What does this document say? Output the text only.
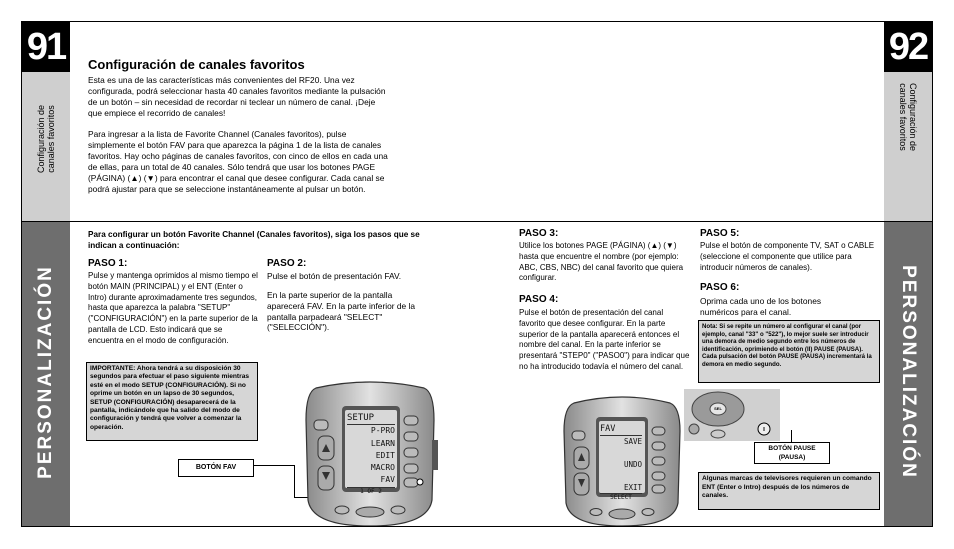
91
Configuración de canales favoritos
PERSONALIZACIÓN
92
Configuración de
canales favoritos
PERSONALIZACIÓN
Configuración de canales favoritos
Esta es una de las características más convenientes del RF20. Una vez configurada, podrá seleccionar hasta 40 canales favoritos mediante la pulsación de un botón – sin necesidad de recordar ni teclear un número de canal. ¡Deje que empiece el recorrido de canales!
Para ingresar a la lista de Favorite Channel (Canales favoritos), pulse simplemente el botón FAV para que aparezca la página 1 de la lista de canales favoritos. Hay ocho páginas de canales favoritos, con cinco de ellos en cada una de ellas, para un total de 40 canales. Sólo tendrá que usar los botones PAGE (PÁGINA) (▲) (▼) para encontrar el canal que desee configurar. Cada canal se podrá ajustar para que se seleccione instantáneamente al pulsar un botón.
Para configurar un botón Favorite Channel (Canales favoritos), siga los pasos que se indican a continuación:
PASO 1:
Pulse y mantenga oprimidos al mismo tiempo el botón MAIN (PRINCIPAL) y el ENT (Enter o Intro) durante aproximadamente tres segundos, hasta que aparezca la palabra "SETUP" ("CONFIGURACIÓN") en la parte superior de la pantalla de LCD. Esto indicará que se encuentra en el modo de configuración.
IMPORTANTE: Ahora tendrá a su disposición 30 segundos para efectuar el paso siguiente mientras esté en el modo SETUP (CONFIGURACIÓN). Si no oprime un botón en un lapso de 30 segundos, SETUP (CONFIGURACIÓN) desaparecerá de la pantalla, indicándole que ha salido del modo de configuración y tendrá que volver a comenzar la operación.
PASO 2:
Pulse el botón de presentación FAV.
En la parte superior de la pantalla aparecerá FAV. En la parte inferior de la pantalla parpadeará "SELECT" ("SELECCIÓN").
PASO 3:
Utilice los botones PAGE (PÁGINA) (▲) (▼) hasta que encuentre el nombre (por ejemplo: ABC, CBS, NBC) del canal favorito que quiera configurar.
PASO 4:
Pulse el botón de presentación del canal favorito que desee configurar. En la parte superior de la pantalla aparecerá entonces el nombre del canal. En la parte inferior se presentará "STEP0" ("PASO0") para indicar que no ha introducido todavía el número del canal.
PASO 5:
Pulse el botón de componente TV, SAT o CABLE (seleccione el componente que utilice para introducir números de canales).
PASO 6:
Oprima cada uno de los botones numéricos para el canal.
Nota: Si se repite un número al configurar el canal (por ejemplo, canal "33" o "522"), lo mejor suele ser introducir una demora de medio segundo entre los números de identificación, oprimiendo el botón (II) PAUSE (PAUSA). Cada pulsación del botón PAUSE (PAUSA) incrementará la demora en medio segundo.
Algunas marcas de televisores requieren un comando ENT (Enter o Intro) después de los números de canales.
BOTÓN FAV
BOTÓN PAUSE
(PAUSA)
SETUP
P-PRO
LEARN
EDIT
MACRO
FAV
1 OF 2
FAV
SAVE
UNDO
EXIT
SELECT
II
SEL
